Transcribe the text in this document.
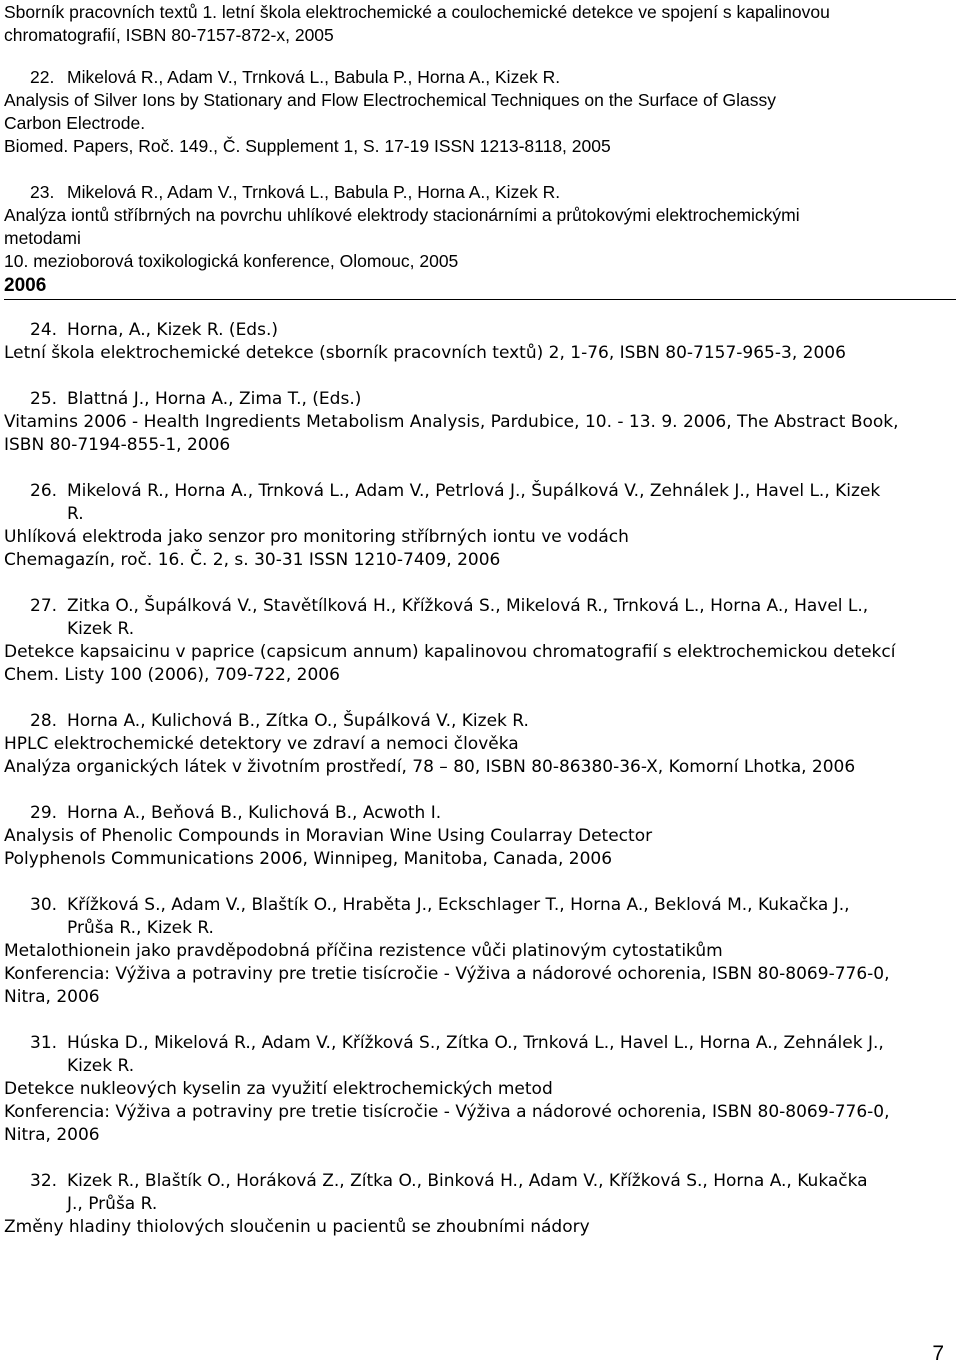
Sborník pracovních textů 1. letní škola elektrochemické a coulochemické detekce ve spojení s kapalinovou
chromatografií, ISBN 80-7157-872-x, 2005
22. Mikelová R., Adam V., Trnková L., Babula P., Horna A., Kizek R.
Analysis of Silver Ions by Stationary and Flow Electrochemical Techniques on the Surface of Glassy
Carbon Electrode.
Biomed. Papers, Roč. 149., Č. Supplement 1, S. 17-19 ISSN 1213-8118, 2005
23. Mikelová R., Adam V., Trnková L., Babula P., Horna A., Kizek R.
Analýza iontů stříbrných na povrchu uhlíkové elektrody stacionárními a průtokovými elektrochemickými
metodami
10. mezioborová toxikologická konference, Olomouc, 2005
2006
24. Horna, A., Kizek R. (Eds.)
Letní škola elektrochemické detekce (sborník pracovních textů) 2, 1-76, ISBN 80-7157-965-3, 2006
25. Blattná J., Horna A., Zima T., (Eds.)
Vitamins 2006 - Health Ingredients Metabolism Analysis, Pardubice, 10. - 13. 9. 2006, The Abstract Book,
ISBN 80-7194-855-1, 2006
26. Mikelová R., Horna A., Trnková L., Adam V., Petrlová J., Šupálková V., Zehnálek J., Havel L., Kizek
R.
Uhlíková elektroda jako senzor pro monitoring stříbrných iontu ve vodách
Chemagazín, roč. 16. Č. 2, s. 30-31 ISSN 1210-7409, 2006
27. Zitka O., Šupálková V., Stavětílková H., Křížková S., Mikelová R., Trnková L., Horna A., Havel L.,
Kizek R.
Detekce kapsaicinu v paprice (capsicum annum) kapalinovou chromatografií s elektrochemickou detekcí
Chem. Listy 100 (2006), 709-722, 2006
28. Horna A., Kulichová B., Zítka O., Šupálková V., Kizek R.
HPLC elektrochemické detektory ve zdraví a nemoci člověka
Analýza organických látek v životním prostředí, 78 – 80, ISBN 80-86380-36-X, Komorní Lhotka, 2006
29. Horna A., Beňová B., Kulichová B., Acwoth I.
Analysis of Phenolic Compounds in Moravian Wine Using Coularray Detector
Polyphenols Communications 2006, Winnipeg, Manitoba, Canada, 2006
30. Křížková S., Adam V., Blaštík O., Hraběta J., Eckschlager T., Horna A., Beklová M., Kukačka J.,
Průša R., Kizek R.
Metalothionein jako pravděpodobná příčina rezistence vůči platinovým cytostatikům
Konferencia: Výživa a potraviny pre tretie tisícročie - Výživa a nádorové ochorenia, ISBN 80-8069-776-0,
Nitra, 2006
31. Húska D., Mikelová R., Adam V., Křížková S., Zítka O., Trnková L., Havel L., Horna A., Zehnálek J.,
Kizek R.
Detekce nukleových kyselin za využití elektrochemických metod
Konferencia: Výživa a potraviny pre tretie tisícročie - Výživa a nádorové ochorenia, ISBN 80-8069-776-0,
Nitra, 2006
32. Kizek R., Blaštík O., Horáková Z., Zítka O., Binková H., Adam V., Křížková S., Horna A., Kukačka
J., Průša R.
Změny hladiny thiolových sloučenin u pacientů se zhoubními nádory
7
